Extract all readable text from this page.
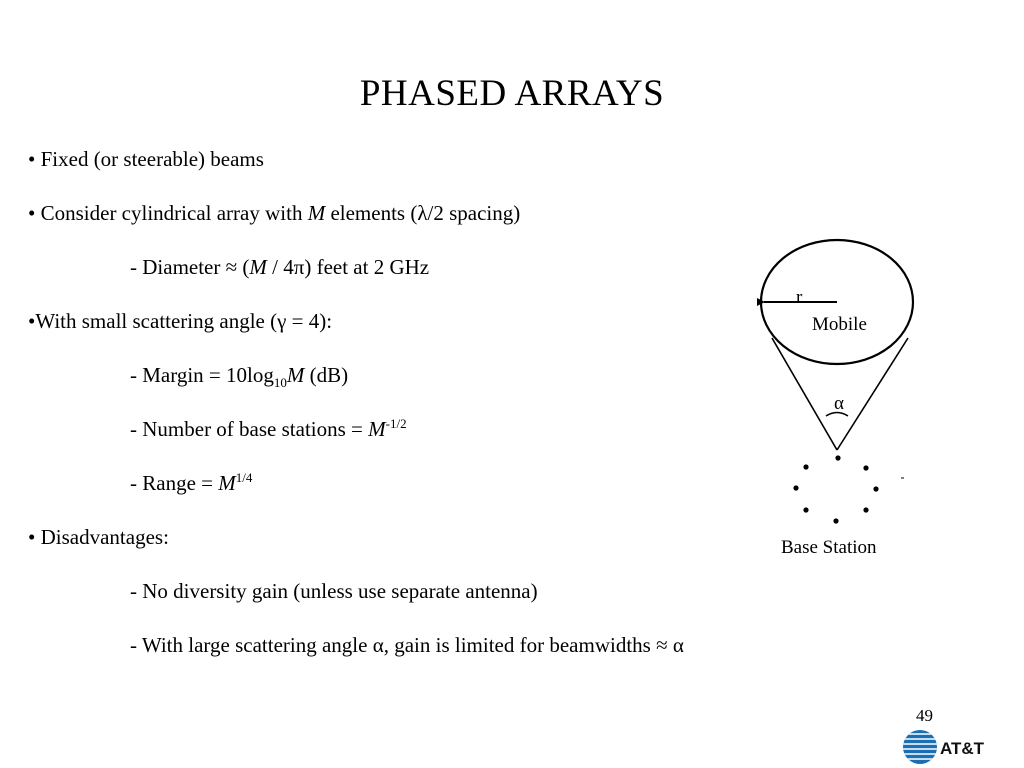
PHASED ARRAYS
• Fixed (or steerable) beams
• Consider cylindrical array with M elements (λ/2 spacing)
- Diameter ≈ (M / 4π) feet at 2 GHz
•With small scattering angle (γ = 4):
- Margin = $10\log_{10}M$ (dB)
- Number of base stations = $M^{-1/2}$
- Range = $M^{1/4}$
• Disadvantages:
- No diversity gain (unless use separate antenna)
- With large scattering angle α, gain is limited for beamwidths ≈ α
r
Mobile
α
Base Station
49
AT&T
